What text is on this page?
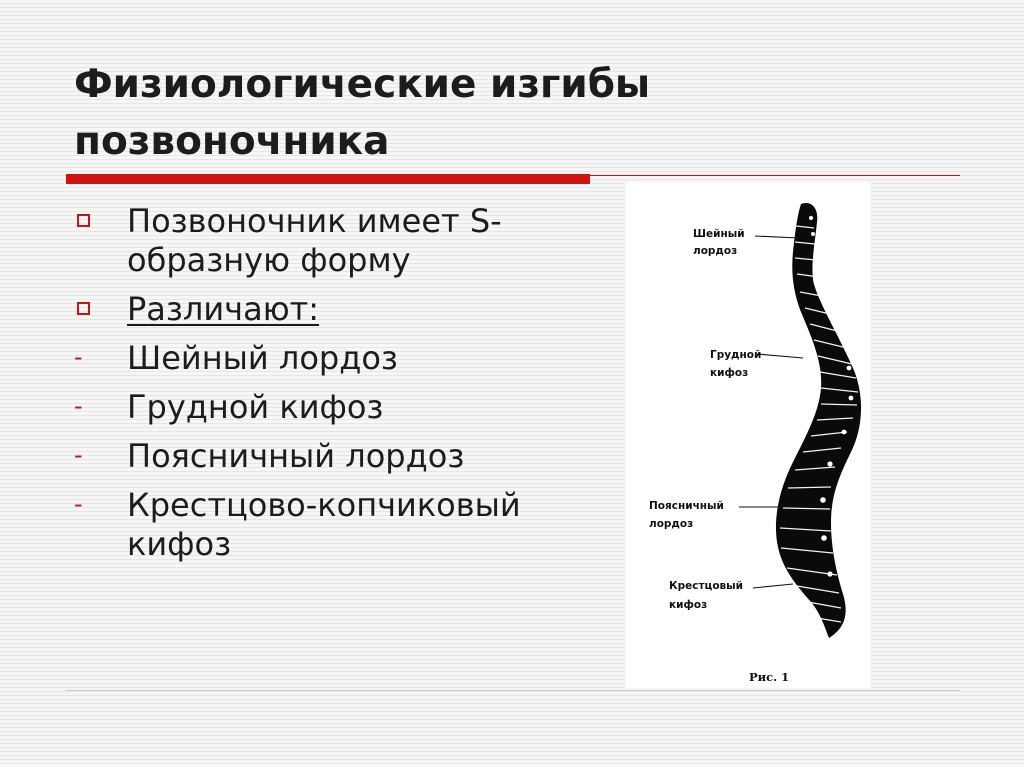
Физиологические изгибы позвоночника
Позвоночник имеет S-образную форму
Различают:
- Шейный лордоз
- Грудной кифоз
- Поясничный лордоз
- Крестцово-копчиковый кифоз
Шейный
лордоз
Грудной
кифоз
Поясничный
лордоз
Крестцовый
кифоз
Рис. 1
